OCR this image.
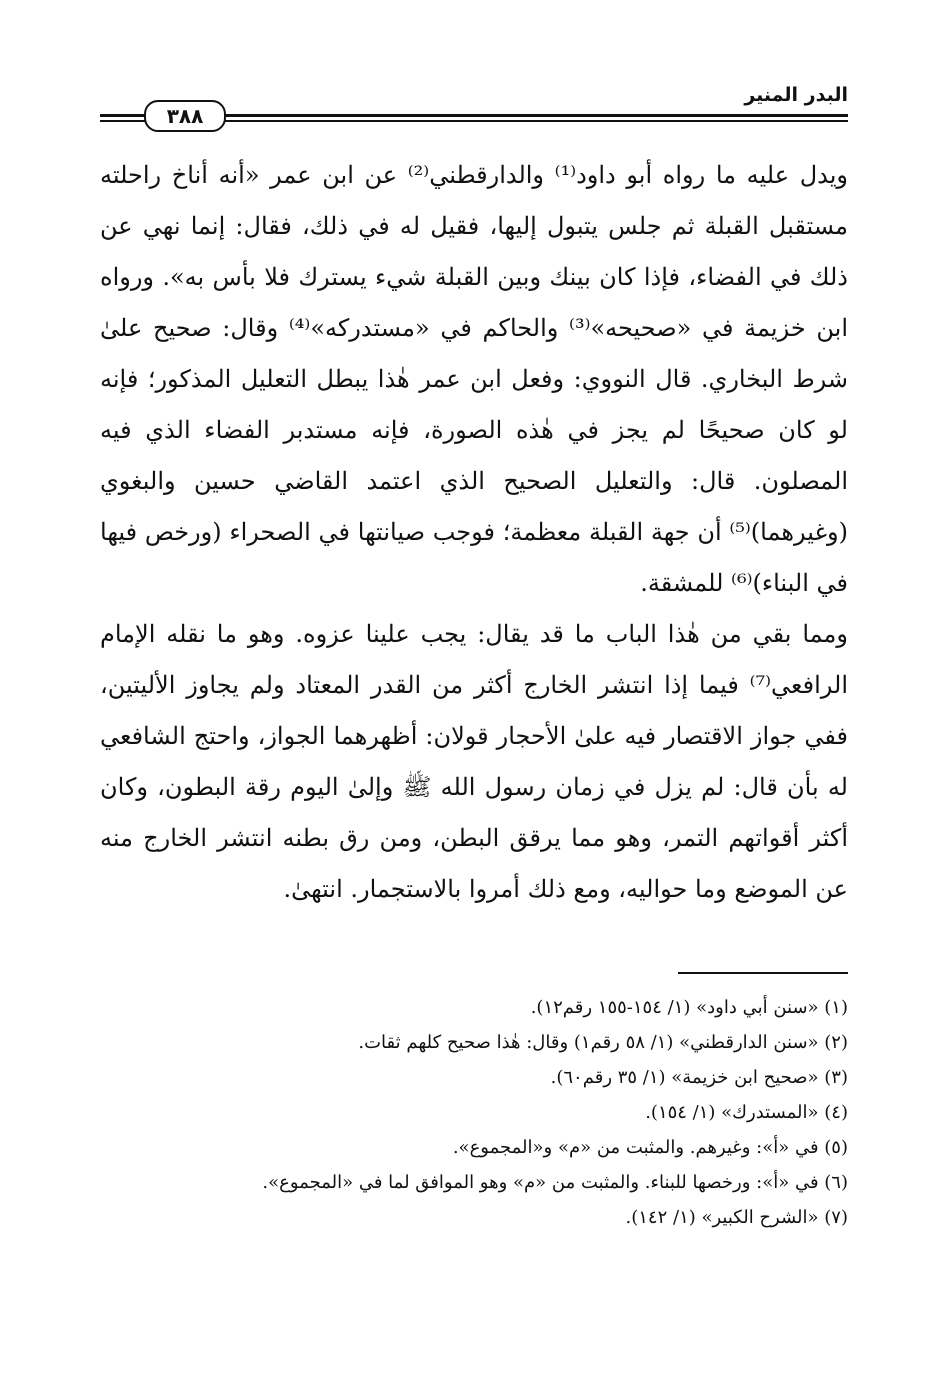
البدر المنير
٣٨٨

ويدل عليه ما رواه أبو داود⁽¹⁾ والدارقطني⁽²⁾ عن ابن عمر «أنه أناخ راحلته مستقبل القبلة ثم جلس يتبول إليها، فقيل له في ذلك، فقال: إنما نهي عن ذلك في الفضاء، فإذا كان بينك وبين القبلة شيء يسترك فلا بأس به». ورواه ابن خزيمة في «صحيحه»⁽³⁾ والحاكم في «مستدركه»⁽⁴⁾ وقال: صحيح علىٰ شرط البخاري. قال النووي: وفعل ابن عمر هٰذا يبطل التعليل المذكور؛ فإنه لو كان صحيحًا لم يجز في هٰذه الصورة، فإنه مستدبر الفضاء الذي فيه المصلون. قال: والتعليل الصحيح الذي اعتمد القاضي حسين والبغوي (وغيرهما)⁽⁵⁾ أن جهة القبلة معظمة؛ فوجب صيانتها في الصحراء (ورخص فيها في البناء)⁽⁶⁾ للمشقة.

ومما بقي من هٰذا الباب ما قد يقال: يجب علينا عزوه. وهو ما نقله الإمام الرافعي⁽⁷⁾ فيما إذا انتشر الخارج أكثر من القدر المعتاد ولم يجاوز الأليتين، ففي جواز الاقتصار فيه علىٰ الأحجار قولان: أظهرهما الجواز، واحتج الشافعي له بأن قال: لم يزل في زمان رسول الله ﷺ وإلىٰ اليوم رقة البطون، وكان أكثر أقواتهم التمر، وهو مما يرقق البطن، ومن رق بطنه انتشر الخارج منه عن الموضع وما حواليه، ومع ذلك أمروا بالاستجمار. انتهىٰ.

(١) «سنن أبي داود» (١/ ١٥٤-١٥٥ رقم١٢).
(٢) «سنن الدارقطني» (١/ ٥٨ رقم١) وقال: هٰذا صحيح كلهم ثقات.
(٣) «صحيح ابن خزيمة» (١/ ٣٥ رقم٦٠).
(٤) «المستدرك» (١/ ١٥٤).
(٥) في «أ»: وغيرهم. والمثبت من «م» و«المجموع».
(٦) في «أ»: ورخصها للبناء. والمثبت من «م» وهو الموافق لما في «المجموع».
(٧) «الشرح الكبير» (١/ ١٤٢).
